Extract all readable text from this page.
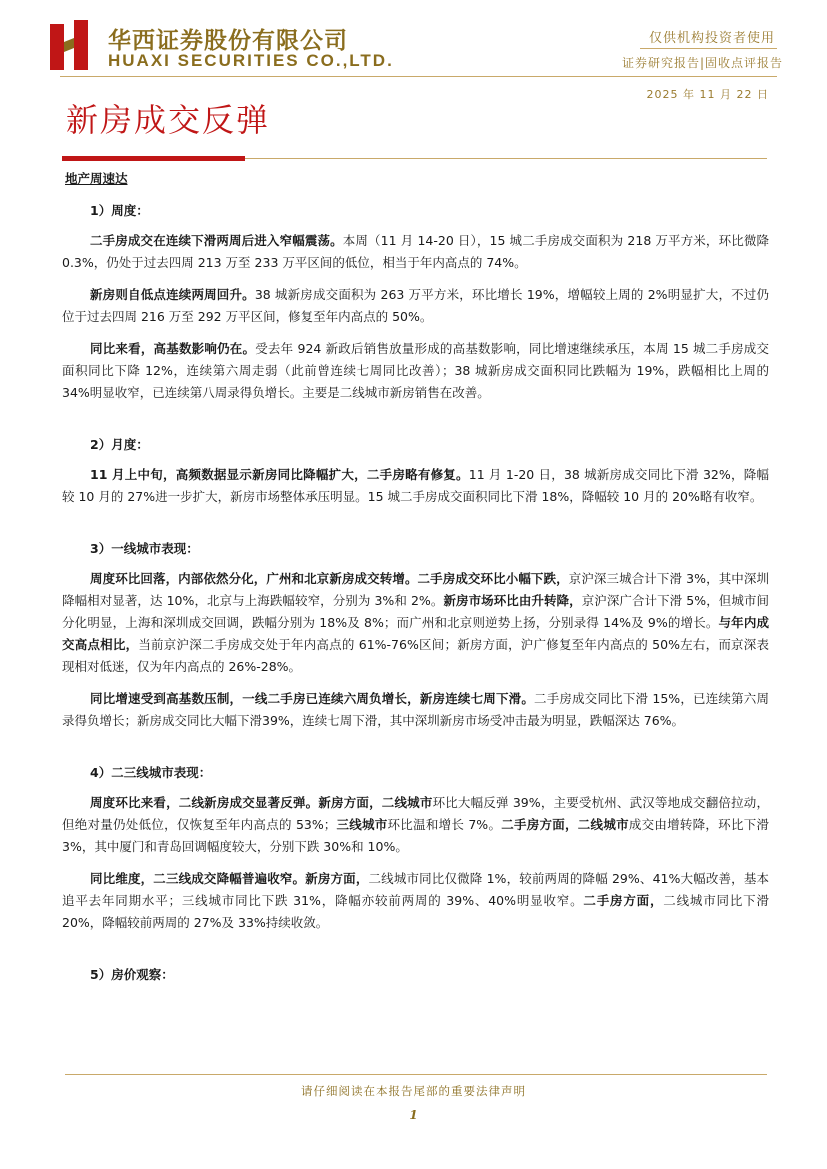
华西证券股份有限公司
HUAXI SECURITIES CO.,LTD.
仅供机构投资者使用
证券研究报告|固收点评报告
2025 年 11 月 22 日
新房成交反弹
地产周速达
1）周度：

二手房成交在连续下滑两周后进入窄幅震荡。本周（11 月 14-20 日），15 城二手房成交面积为 218 万平方米，环比微降 0.3%，仍处于过去四周 213 万至 233 万平区间的低位，相当于年内高点的 74%。

新房则自低点连续两周回升。38 城新房成交面积为 263 万平方米，环比增长 19%，增幅较上周的 2%明显扩大，不过仍位于过去四周 216 万至 292 万平区间，修复至年内高点的 50%。

同比来看，高基数影响仍在。受去年 924 新政后销售放量形成的高基数影响，同比增速继续承压，本周 15 城二手房成交面积同比下降 12%，连续第六周走弱（此前曾连续七周同比改善）；38 城新房成交面积同比跌幅为 19%，跌幅相比上周的 34%明显收窄，已连续第八周录得负增长。主要是二线城市新房销售在改善。

2）月度：

11 月上中旬，高频数据显示新房同比降幅扩大，二手房略有修复。11 月 1-20 日，38 城新房成交同比下滑 32%，降幅较 10 月的 27%进一步扩大，新房市场整体承压明显。15 城二手房成交面积同比下滑 18%，降幅较 10 月的 20%略有收窄。

3）一线城市表现：

周度环比回落，内部依然分化，广州和北京新房成交转增。二手房成交环比小幅下跌，京沪深三城合计下滑 3%，其中深圳降幅相对显著，达 10%，北京与上海跌幅较窄，分别为 3%和 2%。新房市场环比由升转降，京沪深广合计下滑 5%，但城市间分化明显，上海和深圳成交回调，跌幅分别为 18%及 8%；而广州和北京则逆势上扬，分别录得 14%及 9%的增长。与年内成交高点相比，当前京沪深二手房成交处于年内高点的 61%-76%区间；新房方面，沪广修复至年内高点的 50%左右，而京深表现相对低迷，仅为年内高点的 26%-28%。

同比增速受到高基数压制，一线二手房已连续六周负增长，新房连续七周下滑。二手房成交同比下滑 15%，已连续第六周录得负增长；新房成交同比大幅下滑39%，连续七周下滑，其中深圳新房市场受冲击最为明显，跌幅深达 76%。

4）二三线城市表现：

周度环比来看，二线新房成交显著反弹。新房方面，二线城市环比大幅反弹 39%，主要受杭州、武汉等地成交翻倍拉动，但绝对量仍处低位，仅恢复至年内高点的 53%；三线城市环比温和增长 7%。二手房方面，二线城市成交由增转降，环比下滑 3%，其中厦门和青岛回调幅度较大，分别下跌 30%和 10%。

同比维度，二三线成交降幅普遍收窄。新房方面，二线城市同比仅微降 1%，较前两周的降幅 29%、41%大幅改善，基本追平去年同期水平；三线城市同比下跌 31%，降幅亦较前两周的 39%、40%明显收窄。二手房方面，二线城市同比下滑 20%，降幅较前两周的 27%及 33%持续收敛。

5）房价观察：
请仔细阅读在本报告尾部的重要法律声明
1
